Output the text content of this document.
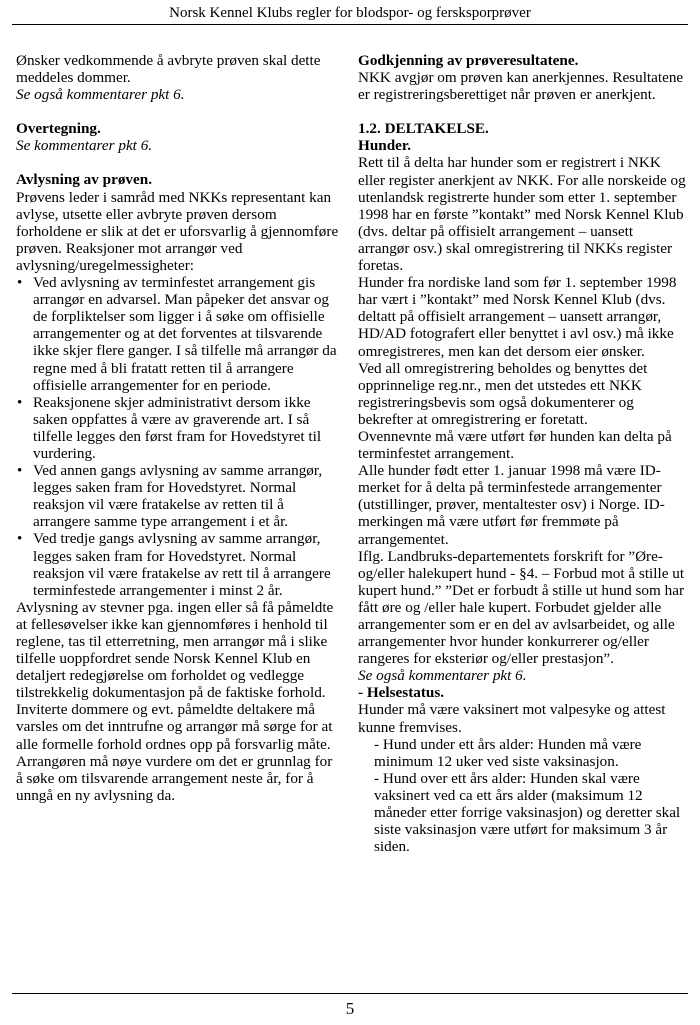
Norsk Kennel Klubs regler for blodspor- og fersksporprøver

Ønsker vedkommende å avbryte prøven skal dette meddeles dommer.

Se også kommentarer pkt 6.

Overtegning.

Se kommentarer pkt 6.

Avlysning av prøven.

Prøvens leder i samråd med NKKs representant kan avlyse, utsette eller avbryte prøven dersom forholdene er slik at det er uforsvarlig å gjennomføre prøven. Reaksjoner mot arrangør ved avlysning/uregelmessigheter:

• Ved avlysning av terminfestet arrangement gis arrangør en advarsel. Man påpeker det ansvar og de forpliktelser som ligger i å søke om offisielle arrangementer og at det forventes at tilsvarende ikke skjer flere ganger. I så tilfelle må arrangør da regne med å bli fratatt retten til å arrangere offisielle arrangementer for en periode.
• Reaksjonene skjer administrativt dersom ikke saken oppfattes å være av graverende art. I så tilfelle legges den først fram for Hovedstyret til vurdering.
• Ved annen gangs avlysning av samme arrangør, legges saken fram for Hovedstyret. Normal reaksjon vil være fratakelse av retten til å arrangere samme type arrangement i et år.
• Ved tredje gangs avlysning av samme arrangør, legges saken fram for Hovedstyret. Normal reaksjon vil være fratakelse av rett til å arrangere terminfestede arrangementer i minst 2 år.

Avlysning av stevner pga. ingen eller så få påmeldte at fellesøvelser ikke kan gjennomføres i henhold til reglene, tas til etterretning, men arrangør må i slike tilfelle uoppfordret sende Norsk Kennel Klub en detaljert redegjørelse om forholdet og vedlegge tilstrekkelig dokumentasjon på de faktiske forhold. Inviterte dommere og evt. påmeldte deltakere må varsles om det inntrufne og arrangør må sørge for at alle formelle forhold ordnes opp på forsvarlig måte. Arrangøren må nøye vurdere om det er grunnlag for å søke om tilsvarende arrangement neste år, for å unngå en ny avlysning da.

Godkjenning av prøveresultatene.

NKK avgjør om prøven kan anerkjennes. Resultatene er registreringsberettiget når prøven er anerkjent.

1.2. DELTAKELSE.

Hunder.

Rett til å delta har hunder som er registrert i NKK eller register anerkjent av NKK. For alle norskeide og utenlandsk registrerte hunder som etter 1. september 1998 har en første ”kontakt” med Norsk Kennel Klub (dvs. deltar på offisielt arrangement – uansett arrangør osv.) skal omregistrering til NKKs register foretas.

Hunder fra nordiske land som før 1. september 1998 har vært i ”kontakt” med Norsk Kennel Klub (dvs. deltatt på offisielt arrangement – uansett arrangør, HD/AD fotografert eller benyttet i avl osv.) må ikke omregistreres, men kan det dersom eier ønsker.

Ved all omregistrering beholdes og benyttes det opprinnelige reg.nr., men det utstedes ett NKK registreringsbevis som også dokumenterer og bekrefter at omregistrering er foretatt.

Ovennevnte må være utført før hunden kan delta på terminfestet arrangement.

Alle hunder født etter 1. januar 1998 må være ID-merket for å delta på terminfestede arrangementer (utstillinger, prøver, mentaltester osv) i Norge. ID-merkingen må være utført før fremmøte på arrangementet.

Iflg. Landbruks-departementets forskrift for ”Øre-og/eller halekupert hund - §4. – Forbud mot å stille ut kupert hund.” ”Det er forbudt å stille ut hund som har fått øre og /eller hale kupert. Forbudet gjelder alle arrangementer som er en del av avlsarbeidet, og alle arrangementer hvor hunder konkurrerer og/eller rangeres for eksteriør og/eller prestasjon”.

Se også kommentarer pkt 6.

- Helsestatus.

Hunder må være vaksinert mot valpesyke og attest kunne fremvises.

- Hund under ett års alder: Hunden må være minimum 12 uker ved siste vaksinasjon.

- Hund over ett års alder: Hunden skal være vaksinert ved ca ett års alder (maksimum 12 måneder etter forrige vaksinasjon) og deretter skal siste vaksinasjon være utført for maksimum 3 år siden.

5
